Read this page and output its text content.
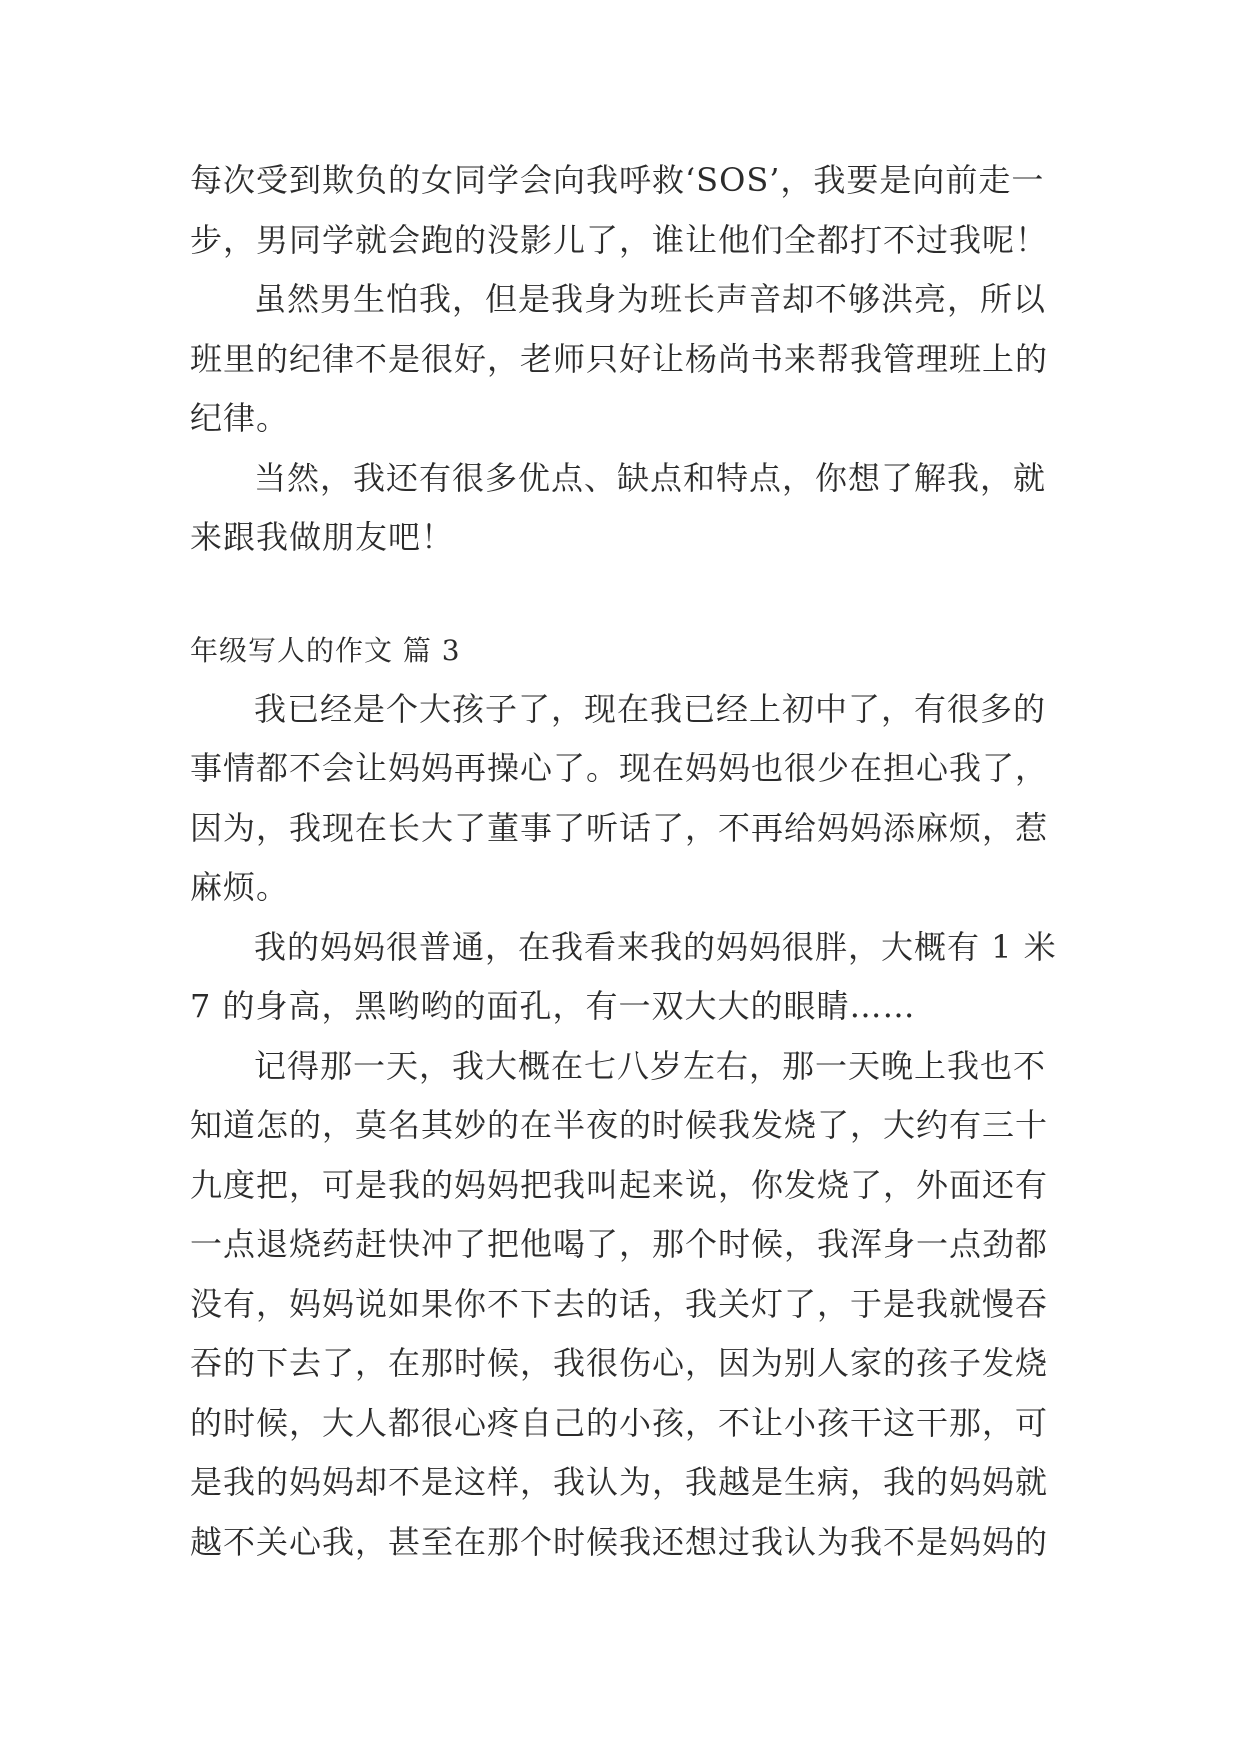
每次受到欺负的女同学会向我呼救‘SOS’，我要是向前走一
步，男同学就会跑的没影儿了，谁让他们全都打不过我呢！
虽然男生怕我，但是我身为班长声音却不够洪亮，所以
班里的纪律不是很好，老师只好让杨尚书来帮我管理班上的
纪律。
当然，我还有很多优点、缺点和特点，你想了解我，就
来跟我做朋友吧！
年级写人的作文 篇 3
我已经是个大孩子了，现在我已经上初中了，有很多的
事情都不会让妈妈再操心了。现在妈妈也很少在担心我了，
因为，我现在长大了董事了听话了，不再给妈妈添麻烦，惹
麻烦。
我的妈妈很普通，在我看来我的妈妈很胖，大概有 1 米
7 的身高，黑哟哟的面孔，有一双大大的眼睛……
记得那一天，我大概在七八岁左右，那一天晚上我也不
知道怎的，莫名其妙的在半夜的时候我发烧了，大约有三十
九度把，可是我的妈妈把我叫起来说，你发烧了，外面还有
一点退烧药赶快冲了把他喝了，那个时候，我浑身一点劲都
没有，妈妈说如果你不下去的话，我关灯了，于是我就慢吞
吞的下去了，在那时候，我很伤心，因为别人家的孩子发烧
的时候，大人都很心疼自己的小孩，不让小孩干这干那，可
是我的妈妈却不是这样，我认为，我越是生病，我的妈妈就
越不关心我，甚至在那个时候我还想过我认为我不是妈妈的
